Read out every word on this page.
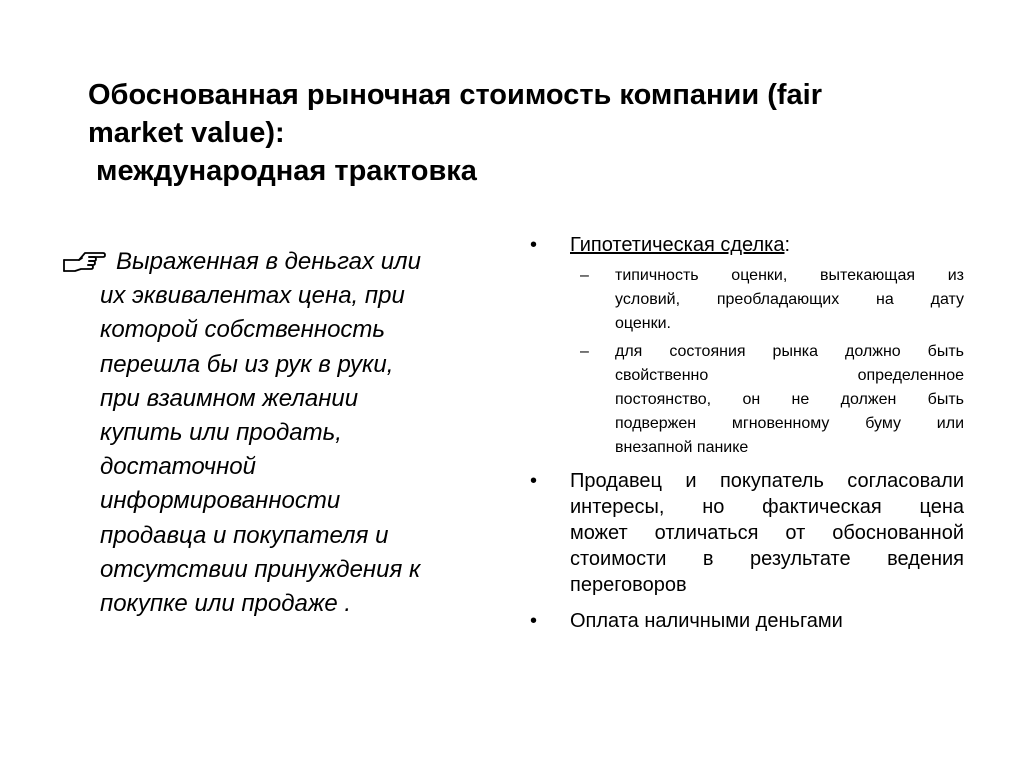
Обоснованная рыночная стоимость компании (fair
market value):
международная трактовка

Выраженная в деньгах или
их эквивалентах цена, при
которой собственность
перешла бы из рук в руки,
при взаимном желании
купить или продать,
достаточной
информированности
продавца и покупателя и
отсутствии принуждения к
покупке или продаже .

• Гипотетическая сделка:
– типичность оценки, вытекающая из
условий, преобладающих на дату
оценки.
– для состояния рынка должно быть
свойственно определенное
постоянство, он не должен быть
подвержен мгновенному буму или
внезапной панике
• Продавец и покупатель согласовали
интересы, но фактическая цена
может отличаться от обоснованной
стоимости в результате ведения
переговоров
• Оплата наличными деньгами
